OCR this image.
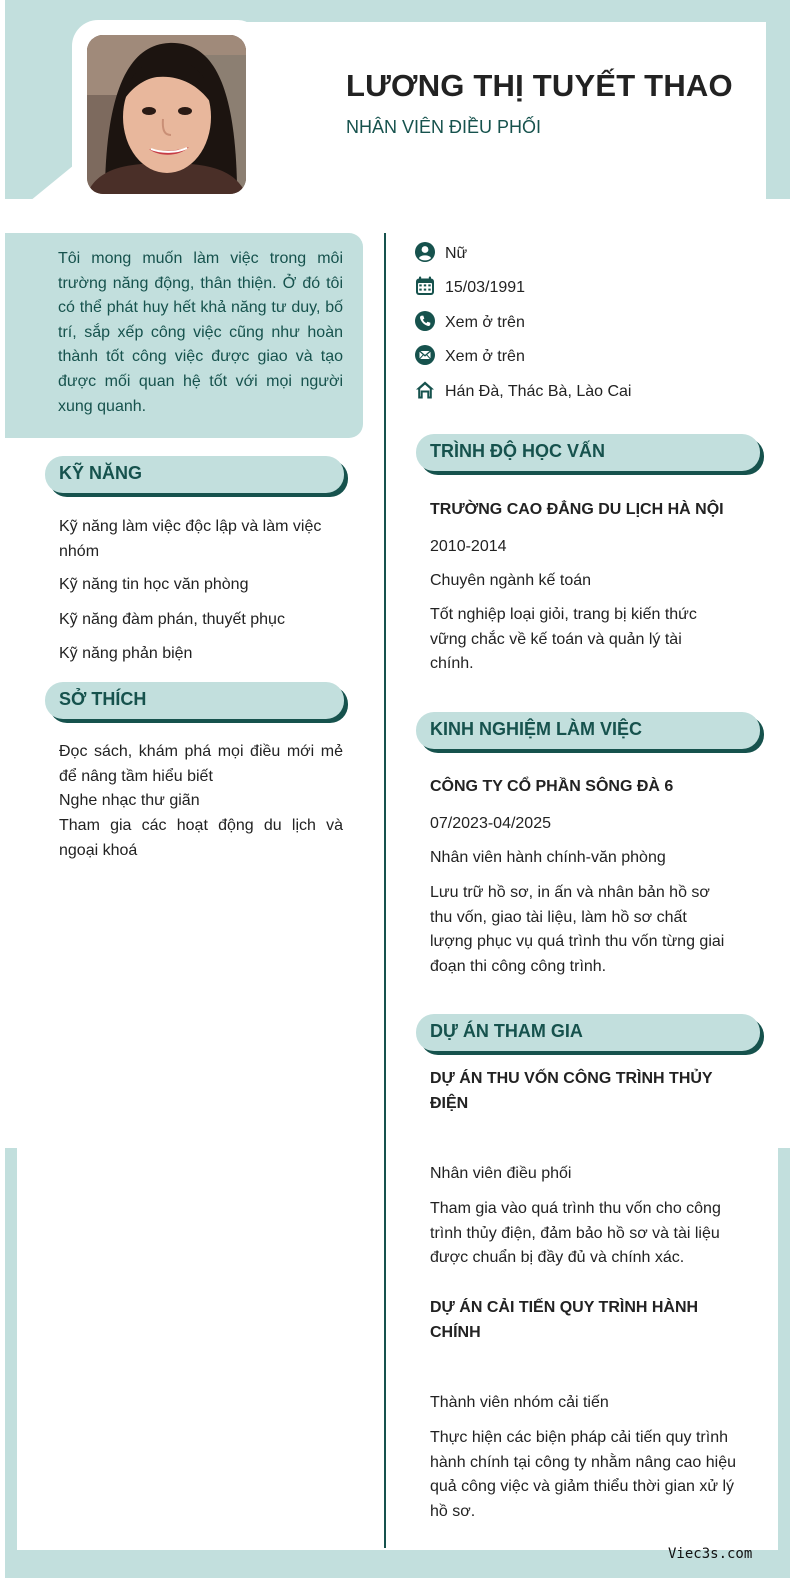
LƯƠNG THỊ TUYẾT THAO
NHÂN VIÊN ĐIỀU PHỐI
Tôi mong muốn làm việc trong môi trường năng động, thân thiện. Ở đó tôi có thể phát huy hết khả năng tư duy, bố trí, sắp xếp công việc cũng như hoàn thành tốt công việc được giao và tạo được mối quan hệ tốt với mọi người xung quanh.
Nữ
15/03/1991
Xem ở trên
Xem ở trên
Hán Đà, Thác Bà, Lào Cai
KỸ NĂNG
Kỹ năng làm việc độc lập và làm việc nhóm
Kỹ năng tin học văn phòng
Kỹ năng đàm phán, thuyết phục
Kỹ năng phản biện
SỞ THÍCH
Đọc sách, khám phá mọi điều mới mẻ để nâng tầm hiểu biết
Nghe nhạc thư giãn
Tham gia các hoạt động du lịch và ngoại khoá
TRÌNH ĐỘ HỌC VẤN
TRƯỜNG CAO ĐẲNG DU LỊCH HÀ NỘI
2010-2014
Chuyên ngành kế toán
Tốt nghiệp loại giỏi, trang bị kiến thức vững chắc về kế toán và quản lý tài chính.
KINH NGHIỆM LÀM VIỆC
CÔNG TY CỔ PHẦN SÔNG ĐÀ 6
07/2023-04/2025
Nhân viên hành chính-văn phòng
Lưu trữ hồ sơ, in ấn và nhân bản hồ sơ thu vốn, giao tài liệu, làm hồ sơ chất lượng phục vụ quá trình thu vốn từng giai đoạn thi công công trình.
DỰ ÁN THAM GIA
DỰ ÁN THU VỐN CÔNG TRÌNH THỦY ĐIỆN
Nhân viên điều phối
Tham gia vào quá trình thu vốn cho công trình thủy điện, đảm bảo hồ sơ và tài liệu được chuẩn bị đầy đủ và chính xác.
DỰ ÁN CẢI TIẾN QUY TRÌNH HÀNH CHÍNH
Thành viên nhóm cải tiến
Thực hiện các biện pháp cải tiến quy trình hành chính tại công ty nhằm nâng cao hiệu quả công việc và giảm thiểu thời gian xử lý hồ sơ.
Viec3s.com
